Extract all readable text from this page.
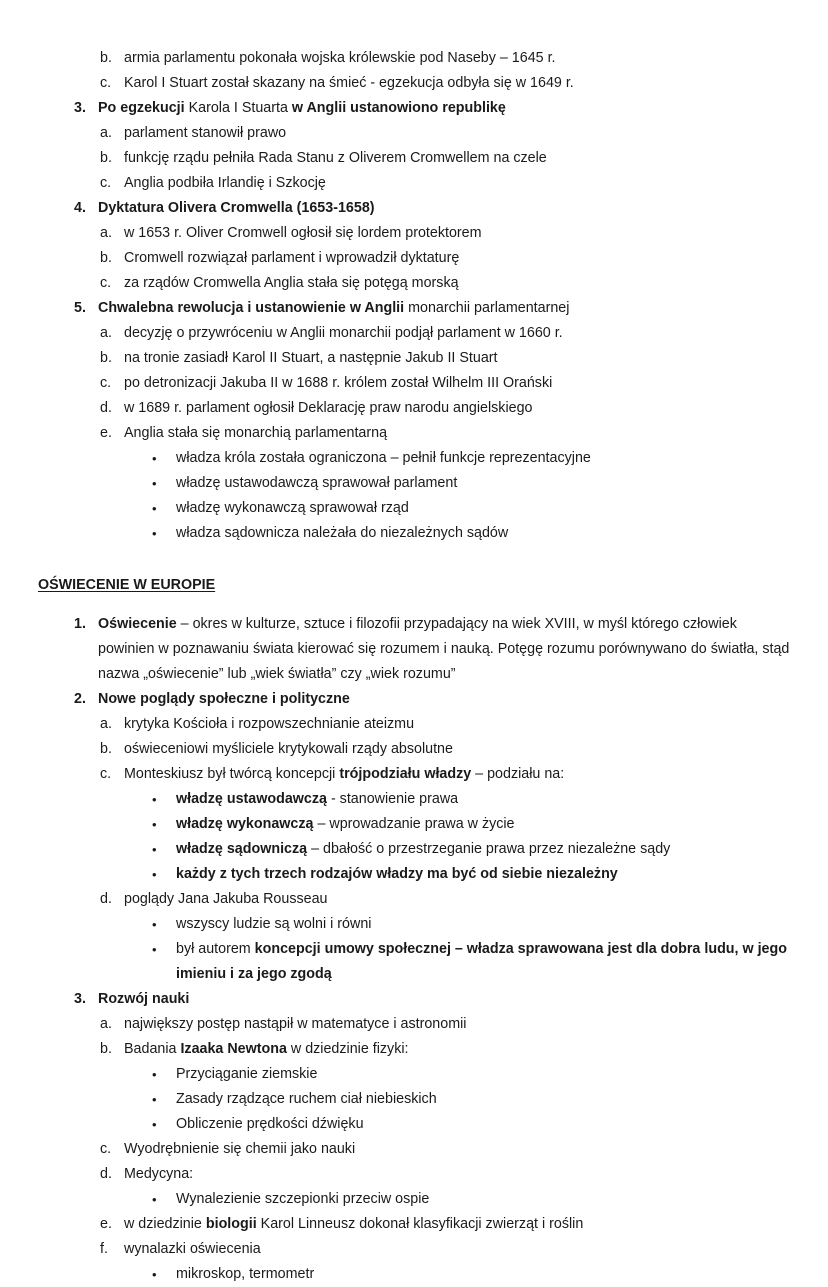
b. armia parlamentu pokonała wojska królewskie pod Naseby – 1645 r.
c. Karol I Stuart został skazany na śmieć - egzekucja odbyła się w 1649 r.
3. Po egzekucji Karola I Stuarta w Anglii ustanowiono republikę
a. parlament stanowił prawo
b. funkcję rządu pełniła Rada Stanu z Oliverem Cromwellem na czele
c. Anglia podbiła Irlandię i Szkocję
4. Dyktatura Olivera Cromwella (1653-1658)
a. w 1653 r. Oliver Cromwell ogłosił się lordem protektorem
b. Cromwell rozwiązał parlament i wprowadził dyktaturę
c. za rządów Cromwella Anglia stała się potęgą morską
5. Chwalebna rewolucja i ustanowienie w Anglii monarchii parlamentarnej
a. decyzję o przywróceniu w Anglii monarchii podjął parlament w 1660 r.
b. na tronie zasiadł Karol II Stuart, a następnie Jakub II Stuart
c. po detronizacji Jakuba II w 1688 r. królem został Wilhelm III Orański
d. w 1689 r. parlament ogłosił Deklarację praw narodu angielskiego
e. Anglia stała się monarchią parlamentarną
• władza króla została ograniczona – pełnił funkcje reprezentacyjne
• władzę ustawodawczą sprawował parlament
• władzę wykonawczą sprawował rząd
• władza sądownicza należała do niezależnych sądów
OŚWIECENIE W EUROPIE
1. Oświecenie – okres w kulturze, sztuce i filozofii przypadający na wiek XVIII, w myśl którego człowiek powinien w poznawaniu świata kierować się rozumem i nauką. Potęgę rozumu porównywano do światła, stąd nazwa „oświecenie” lub „wiek światła” czy „wiek rozumu”
2. Nowe poglądy społeczne i polityczne
a. krytyka Kościoła i rozpowszechnianie ateizmu
b. oświeceniowi myśliciele krytykowali rządy absolutne
c. Monteskiusz był twórcą koncepcji trójpodziału władzy – podziału na:
• władzę ustawodawczą - stanowienie prawa
• władzę wykonawczą – wprowadzanie prawa w życie
• władzę sądowniczą – dbałość o przestrzeganie prawa przez niezależne sądy
• każdy z tych trzech rodzajów władzy ma być od siebie niezależny
d. poglądy Jana Jakuba Rousseau
• wszyscy ludzie są wolni i równi
• był autorem koncepcji umowy społecznej – władza sprawowana jest dla dobra ludu, w jego imieniu i za jego zgodą
3. Rozwój nauki
a. największy postęp nastąpił w matematyce i astronomii
b. Badania Izaaka Newtona w dziedzinie fizyki:
• Przyciąganie ziemskie
• Zasady rządzące ruchem ciał niebieskich
• Obliczenie prędkości dźwięku
c. Wyodrębnienie się chemii jako nauki
d. Medycyna:
• Wynalezienie szczepionki przeciw ospie
e. w dziedzinie biologii Karol Linneusz dokonał klasyfikacji zwierząt i roślin
f. wynalazki oświecenia
• mikroskop, termometr
